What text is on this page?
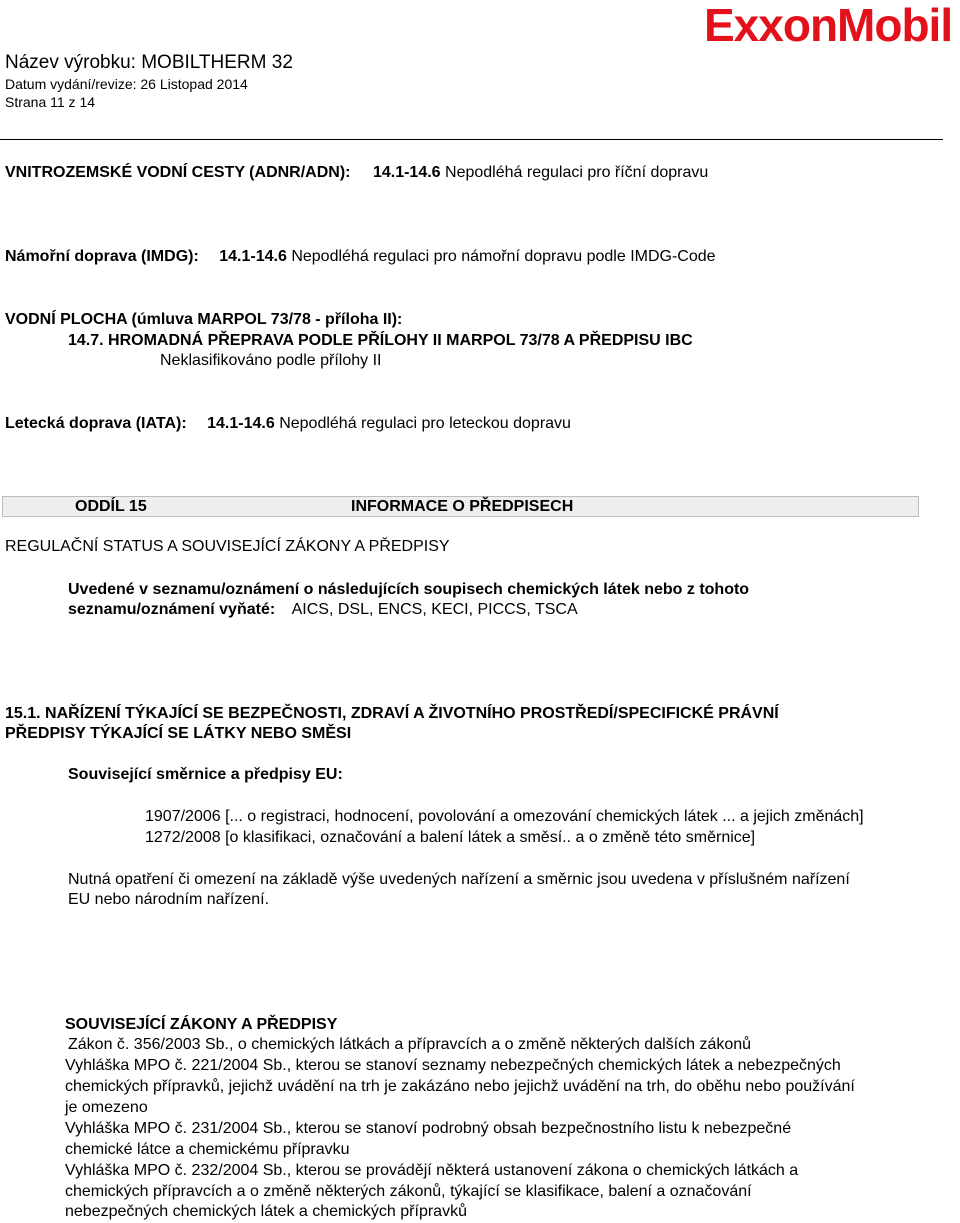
Název výrobku: MOBILTHERM 32
Datum vydání/revize: 26 Listopad 2014
Strana 11 z 14
ExxonMobil
VNITROZEMSKÉ VODNÍ CESTY (ADNR/ADN): 14.1-14.6 Nepodléhá regulaci pro říční dopravu
Námořní doprava (IMDG): 14.1-14.6 Nepodléhá regulaci pro námořní dopravu podle IMDG-Code
VODNÍ PLOCHA (úmluva MARPOL 73/78 - příloha II):
14.7. HROMADNÁ PŘEPRAVA PODLE PŘÍLOHY II MARPOL 73/78 A PŘEDPISU IBC
Neklasifikováno podle přílohy II
Letecká doprava (IATA): 14.1-14.6 Nepodléhá regulaci pro leteckou dopravu
ODDÍL 15	INFORMACE O PŘEDPISECH
REGULAČNÍ STATUS A SOUVISEJÍCÍ ZÁKONY A PŘEDPISY
Uvedené v seznamu/oznámení o následujících soupisech chemických látek nebo z tohoto
seznamu/oznámení vyňaté: AICS, DSL, ENCS, KECI, PICCS, TSCA
15.1. NAŘÍZENÍ TÝKAJÍCÍ SE BEZPEČNOSTI, ZDRAVÍ A ŽIVOTNÍHO PROSTŘEDÍ/SPECIFICKÉ PRÁVNÍ
PŘEDPISY TÝKAJÍCÍ SE LÁTKY NEBO SMĚSI
Související směrnice a předpisy EU:
1907/2006 [... o registraci, hodnocení, povolování a omezování chemických látek ... a jejich změnách]
1272/2008 [o klasifikaci, označování a balení látek a směsí.. a o změně této směrnice]
Nutná opatření či omezení na základě výše uvedených nařízení a směrnic jsou uvedena v příslušném nařízení
EU nebo národním nařízení.
SOUVISEJÍCÍ ZÁKONY A PŘEDPISY
Zákon č. 356/2003 Sb., o chemických látkách a přípravcích a o změně některých dalších zákonů
Vyhláška MPO č. 221/2004 Sb., kterou se stanoví seznamy nebezpečných chemických látek a nebezpečných
chemických přípravků, jejichž uvádění na trh je zakázáno nebo jejichž uvádění na trh, do oběhu nebo používání
je omezeno
Vyhláška MPO č. 231/2004 Sb., kterou se stanoví podrobný obsah bezpečnostního listu k nebezpečné
chemické látce a chemickému přípravku
Vyhláška MPO č. 232/2004 Sb., kterou se provádějí některá ustanovení zákona o chemických látkách a
chemických přípravcích a o změně některých zákonů, týkající se klasifikace, balení a označování
nebezpečných chemických látek a chemických přípravků
